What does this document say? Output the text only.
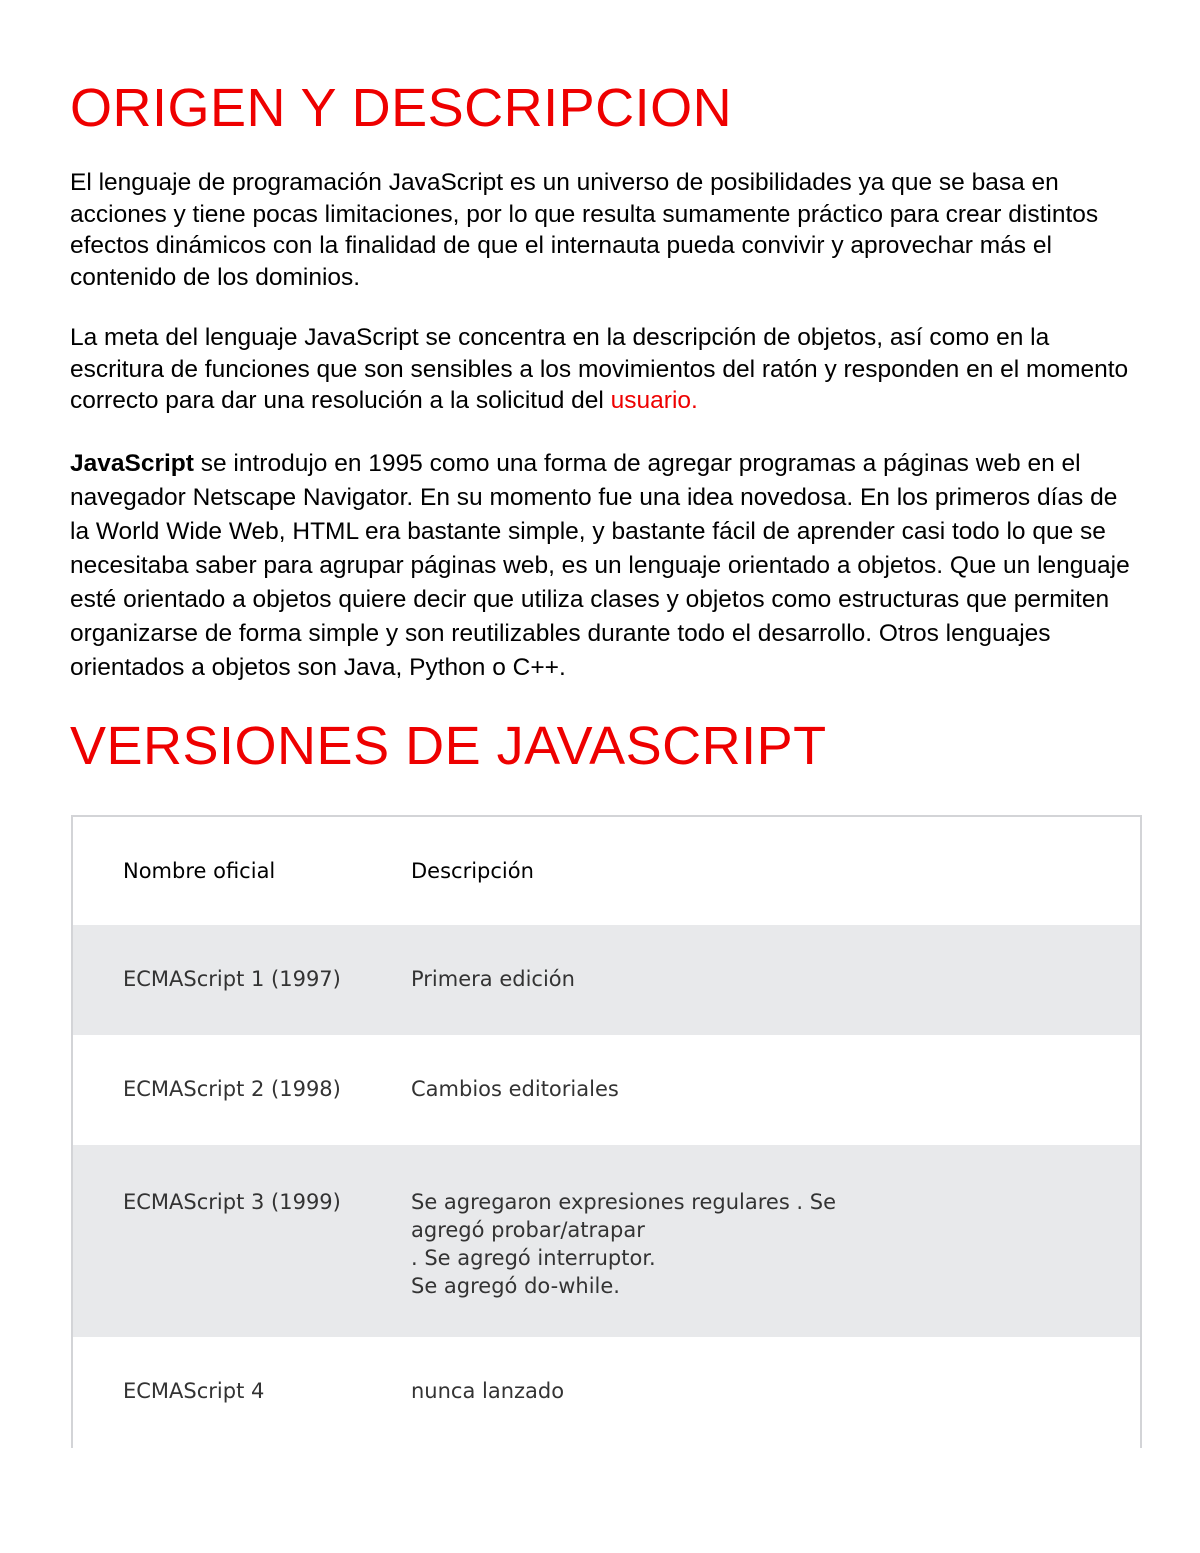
ORIGEN Y DESCRIPCION

El lenguaje de programación JavaScript es un universo de posibilidades ya que se basa en acciones y tiene pocas limitaciones, por lo que resulta sumamente práctico para crear distintos efectos dinámicos con la finalidad de que el internauta pueda convivir y aprovechar más el contenido de los dominios.

La meta del lenguaje JavaScript se concentra en la descripción de objetos, así como en la escritura de funciones que son sensibles a los movimientos del ratón y responden en el momento correcto para dar una resolución a la solicitud del usuario.

JavaScript se introdujo en 1995 como una forma de agregar programas a páginas web en el navegador Netscape Navigator. En su momento fue una idea novedosa. En los primeros días de la World Wide Web, HTML era bastante simple, y bastante fácil de aprender casi todo lo que se necesitaba saber para agrupar páginas web, es un lenguaje orientado a objetos. Que un lenguaje esté orientado a objetos quiere decir que utiliza clases y objetos como estructuras que permiten organizarse de forma simple y son reutilizables durante todo el desarrollo. Otros lenguajes orientados a objetos son Java, Python o C++.

VERSIONES DE JAVASCRIPT
Nombre oficial	Descripción
ECMAScript 1 (1997)	Primera edición
ECMAScript 2 (1998)	Cambios editoriales
ECMAScript 3 (1999)	Se agregaron expresiones regulares . Se
agregó probar/atrapar
. Se agregó interruptor.
Se agregó do-while.
ECMAScript 4	nunca lanzado
